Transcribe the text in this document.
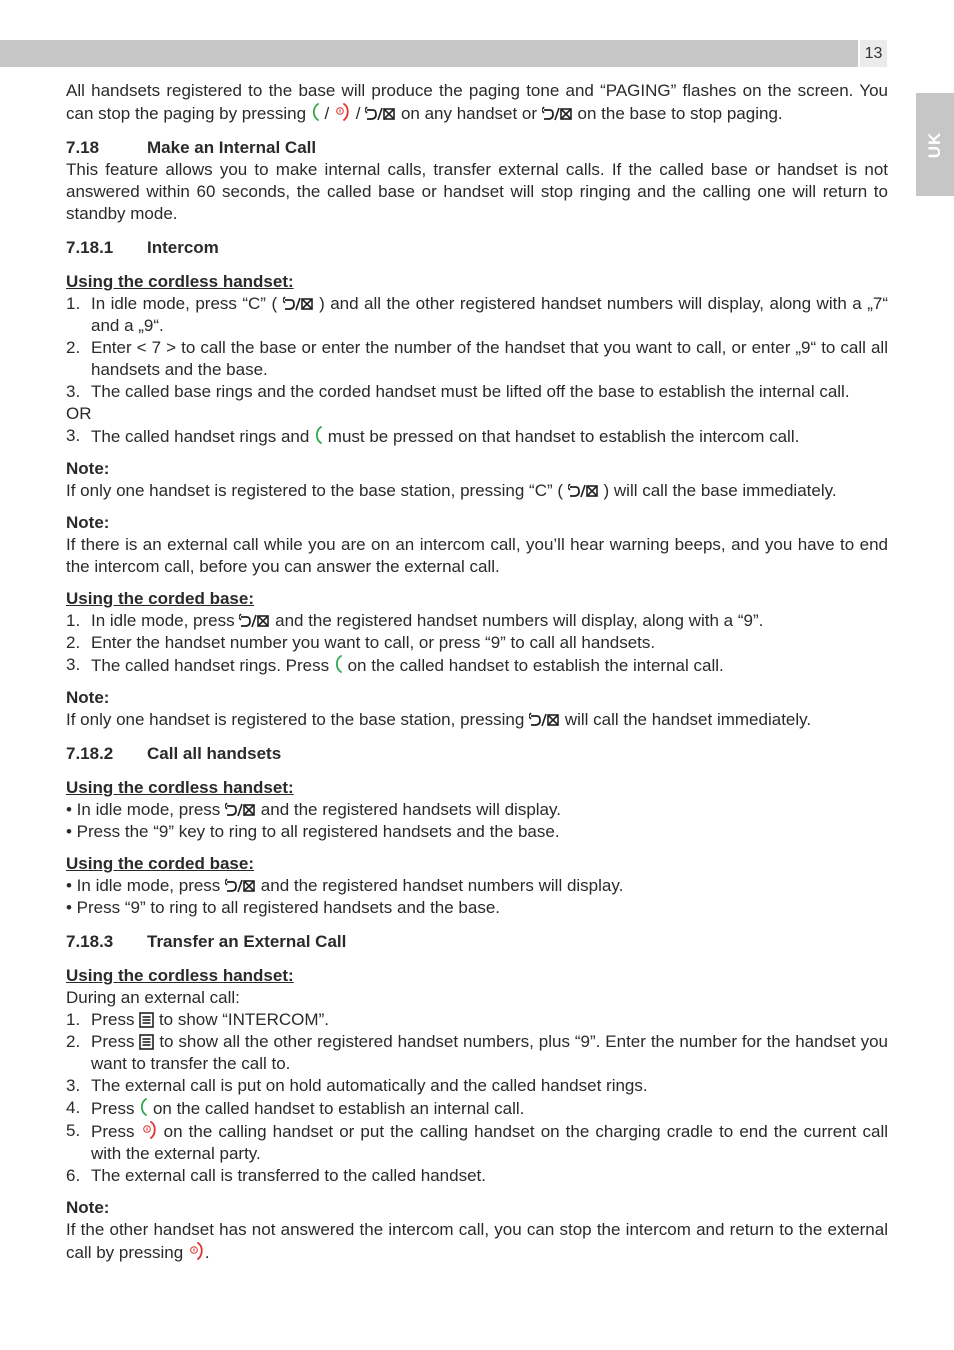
13
UK

All handsets registered to the base will produce the paging tone and “PAGING” flashes on the screen. You can stop the paging by pressing / / on any handset or on the base to stop paging.

7.18	Make an Internal Call

This feature allows you to make internal calls, transfer external calls. If the called base or handset is not answered within 60 seconds, the called base or handset will stop ringing and the calling one will return to standby mode.

7.18.1 Intercom
Using the cordless handset:
1. In idle mode, press “C” ( ) and all the other registered handset numbers will display, along with a „7“ and a „9“.
2. Enter < 7 > to call the base or enter the number of the handset that you want to call, or enter „9“ to call all handsets and the base.
3. The called base rings and the corded handset must be lifted off the base to establish the internal call.
OR
3. The called handset rings and must be pressed on that handset to establish the intercom call.
Note:

If only one handset is registered to the base station, pressing “C” ( ) will call the base immediately.

Note:

If there is an external call while you are on an intercom call, you’ll hear warning beeps, and you have to end the intercom call, before you can answer the external call.

Using the corded base:
1. In idle mode, press and the registered handset numbers will display, along with a “9”.
2. Enter the handset number you want to call, or press “9” to call all handsets.
3. The called handset rings. Press on the called handset to establish the internal call.
Note:

If only one handset is registered to the base station, pressing will call the handset immediately.

7.18.2 Call all handsets
Using the cordless handset:
• In idle mode, press and the registered handsets will display.
• Press the “9” key to ring to all registered handsets and the base.
Using the corded base:
• In idle mode, press and the registered handset numbers will display.
• Press “9” to ring to all registered handsets and the base.
7.18.3 Transfer an External Call
Using the cordless handset:
During an external call:
1. Press to show “INTERCOM”.
2. Press to show all the other registered handset numbers, plus “9”. Enter the number for the handset you want to transfer the call to.
3. The external call is put on hold automatically and the called handset rings.
4. Press on the called handset to establish an internal call.
5. Press on the calling handset or put the calling handset on the charging cradle to end the current call with the external party.
6. The external call is transferred to the called handset.
Note:

If the other handset has not answered the intercom call, you can stop the intercom and return to the external call by pressing .
